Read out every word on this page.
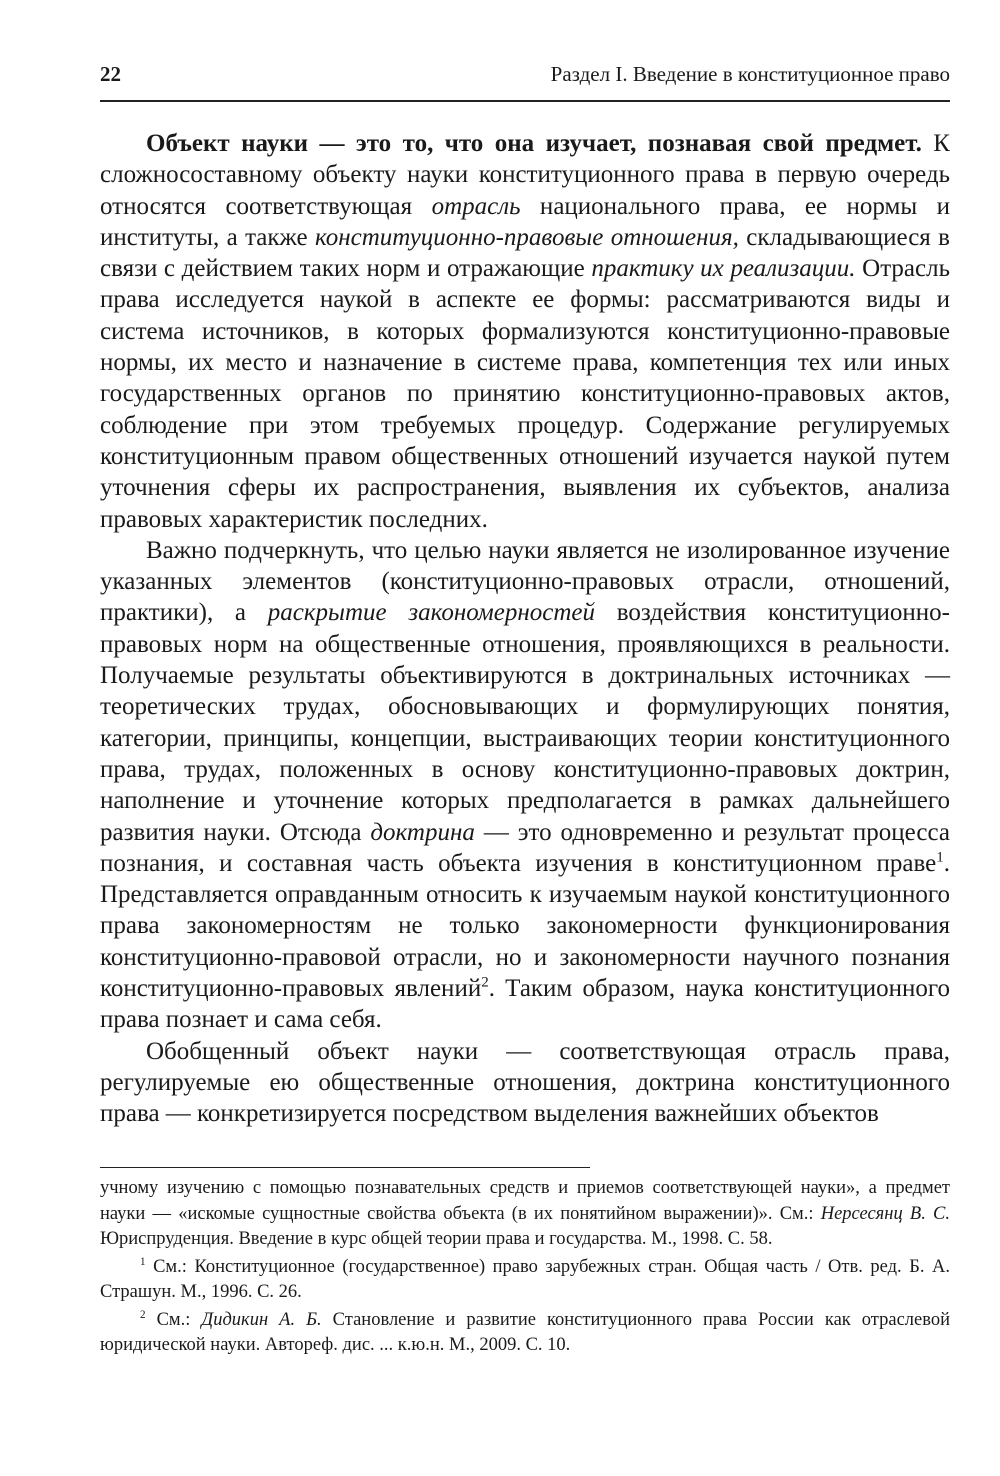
22	Раздел I. Введение в конституционное право

Объект науки — это то, что она изучает, познавая свой предмет. К сложносоставному объекту науки конституционного права в первую очередь относятся соответствующая отрасль национального права, ее нормы и институты, а также конституционно-правовые отношения, складывающиеся в связи с действием таких норм и отражающие практику их реализации. Отрасль права исследуется наукой в аспекте ее формы: рассматриваются виды и система источников, в которых формализуются конституционно-правовые нормы, их место и назначение в системе права, компетенция тех или иных государственных органов по принятию конституционно-правовых актов, соблюдение при этом требуемых процедур. Содержание регулируемых конституционным правом общественных отношений изучается наукой путем уточнения сферы их распространения, выявления их субъектов, анализа правовых характеристик последних.

Важно подчеркнуть, что целью науки является не изолированное изучение указанных элементов (конституционно-правовых отрасли, отношений, практики), а раскрытие закономерностей воздействия конституционно-правовых норм на общественные отношения, проявляющихся в реальности. Получаемые результаты объективируются в доктринальных источниках — теоретических трудах, обосновывающих и формулирующих понятия, категории, принципы, концепции, выстраивающих теории конституционного права, трудах, положенных в основу конституционно-правовых доктрин, наполнение и уточнение которых предполагается в рамках дальнейшего развития науки. Отсюда доктрина — это одновременно и результат процесса познания, и составная часть объекта изучения в конституционном праве$^1$. Представляется оправданным относить к изучаемым наукой конституционного права закономерностям не только закономерности функционирования конституционно-правовой отрасли, но и закономерности научного познания конституционно-правовых явлений$^2$. Таким образом, наука конституционного права познает и сама себя.

Обобщенный объект науки — соответствующая отрасль права, регулируемые ею общественные отношения, доктрина конституционного права — конкретизируется посредством выделения важнейших объектов

учному изучению с помощью познавательных средств и приемов соответствующей науки», а предмет науки — «искомые сущностные свойства объекта (в их понятийном выражении)». См.: Нерсесянц В. С. Юриспруденция. Введение в курс общей теории права и государства. М., 1998. С. 58.

$^1$ См.: Конституционное (государственное) право зарубежных стран. Общая часть / Отв. ред. Б. А. Страшун. М., 1996. С. 26.

$^2$ См.: Дидикин А. Б. Становление и развитие конституционного права России как отраслевой юридической науки. Автореф. дис. ... к.ю.н. М., 2009. С. 10.
